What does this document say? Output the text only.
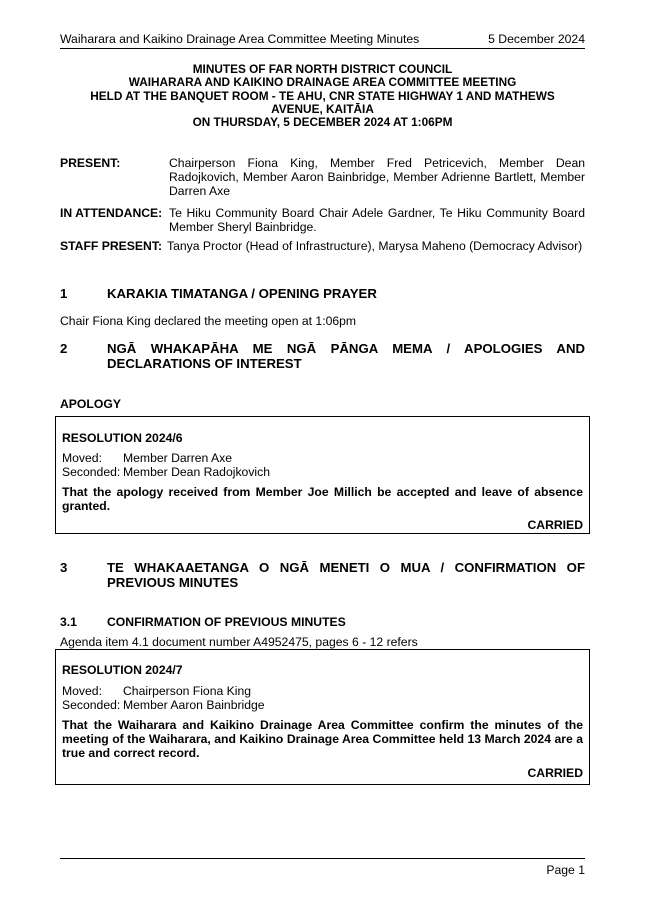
Waiharara and Kaikino Drainage Area Committee Meeting Minutes	5 December 2024
MINUTES OF FAR NORTH DISTRICT COUNCIL
WAIHARARA AND KAIKINO DRAINAGE AREA COMMITTEE MEETING
HELD AT THE BANQUET ROOM - TE AHU, CNR STATE HIGHWAY 1 AND MATHEWS
AVENUE, KAITĀIA
ON THURSDAY, 5 DECEMBER 2024 AT 1:06PM
PRESENT:	Chairperson Fiona King, Member Fred Petricevich, Member Dean Radojkovich, Member Aaron Bainbridge, Member Adrienne Bartlett, Member Darren Axe
IN ATTENDANCE: Te Hiku Community Board Chair Adele Gardner, Te Hiku Community Board Member Sheryl Bainbridge.
STAFF PRESENT: Tanya Proctor (Head of Infrastructure), Marysa Maheno (Democracy Advisor)
1	KARAKIA TIMATANGA / OPENING PRAYER
Chair Fiona King declared the meeting open at 1:06pm
2	NGĀ WHAKAPĀHA ME NGĀ PĀNGA MEMA / APOLOGIES AND DECLARATIONS OF INTEREST
APOLOGY
RESOLUTION 2024/6
Moved: Member Darren Axe
Seconded: Member Dean Radojkovich
That the apology received from Member Joe Millich be accepted and leave of absence granted.
CARRIED
3	TE WHAKAAETANGA O NGĀ MENETI O MUA / CONFIRMATION OF PREVIOUS MINUTES
3.1	CONFIRMATION OF PREVIOUS MINUTES
Agenda item 4.1 document number A4952475, pages 6 - 12 refers
RESOLUTION 2024/7
Moved: Chairperson Fiona King
Seconded: Member Aaron Bainbridge
That the Waiharara and Kaikino Drainage Area Committee confirm the minutes of the meeting of the Waiharara, and Kaikino Drainage Area Committee held 13 March 2024 are a true and correct record.
CARRIED
Page 1
